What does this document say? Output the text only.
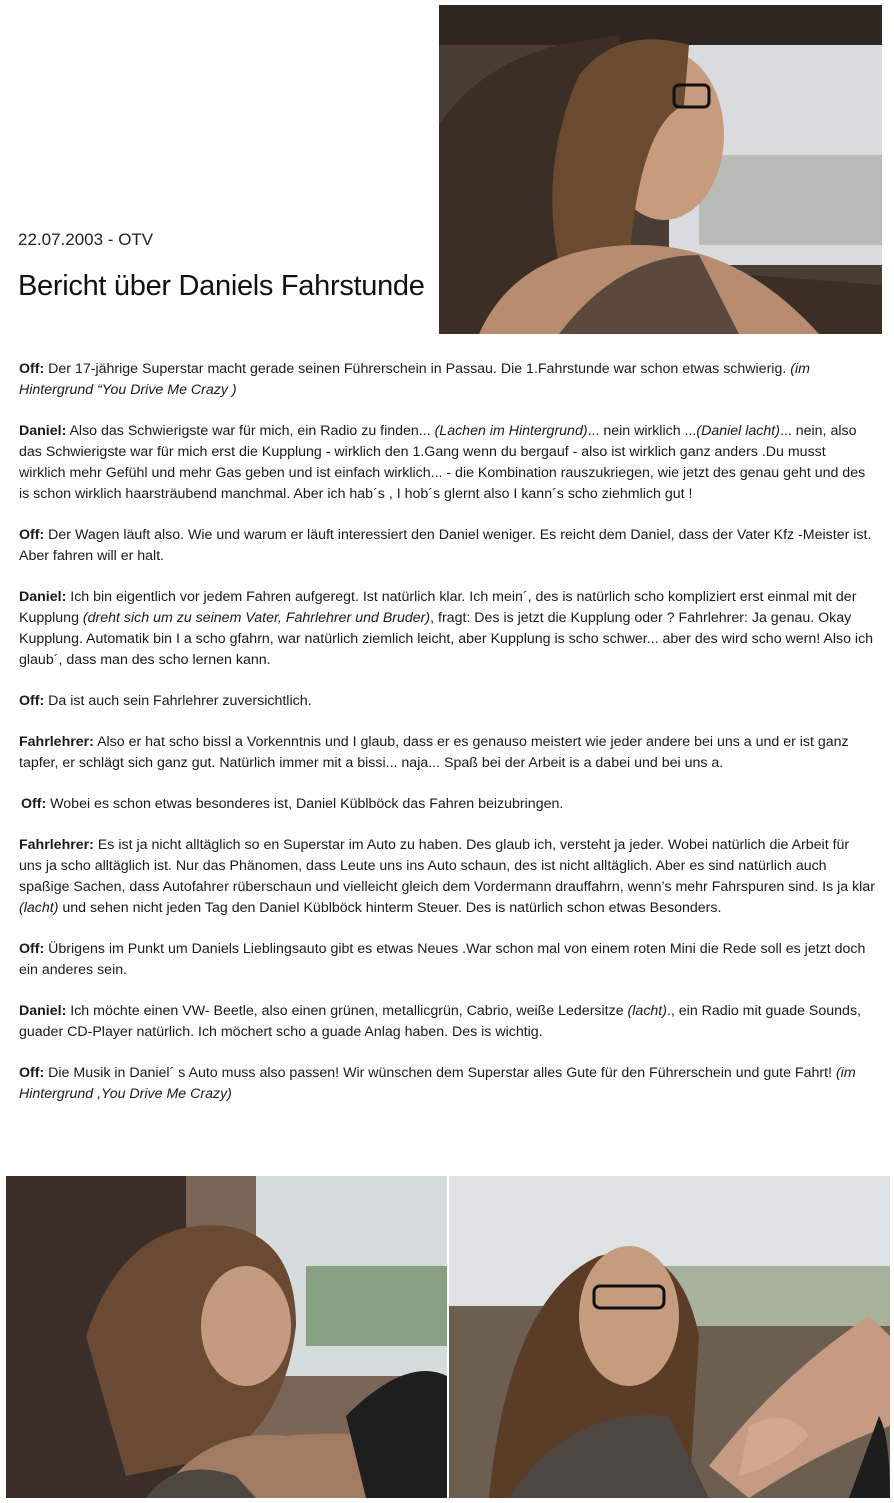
22.07.2003 - OTV
Bericht über Daniels Fahrstunde

Off: Der 17-jährige Superstar macht gerade seinen Führerschein in Passau. Die 1.Fahrstunde war schon etwas schwierig. (im Hintergrund “You Drive Me Crazy )

Daniel: Also das Schwierigste war für mich, ein Radio zu finden... (Lachen im Hintergrund)... nein wirklich ...(Daniel lacht)... nein, also das Schwierigste war für mich erst die Kupplung - wirklich den 1.Gang wenn du bergauf - also ist wirklich ganz anders .Du musst wirklich mehr Gefühl und mehr Gas geben und ist einfach wirklich... - die Kombination rauszukriegen, wie jetzt des genau geht und des is schon wirklich haarsträubend manchmal. Aber ich hab´s , I hob´s glernt also I kann´s scho ziehmlich gut !

Off: Der Wagen läuft also. Wie und warum er läuft interessiert den Daniel weniger. Es reicht dem Daniel, dass der Vater Kfz -Meister ist. Aber fahren will er halt.

Daniel: Ich bin eigentlich vor jedem Fahren aufgeregt. Ist natürlich klar. Ich mein´, des is natürlich scho kompliziert erst einmal mit der Kupplung (dreht sich um zu seinem Vater, Fahrlehrer und Bruder), fragt: Des is jetzt die Kupplung oder ? Fahrlehrer: Ja genau. Okay Kupplung. Automatik bin I a scho gfahrn, war natürlich ziemlich leicht, aber Kupplung is scho schwer... aber des wird scho wern! Also ich glaub´, dass man des scho lernen kann.

Off: Da ist auch sein Fahrlehrer zuversichtlich.

Fahrlehrer: Also er hat scho bissl a Vorkenntnis und I glaub, dass er es genauso meistert wie jeder andere bei uns a und er ist ganz tapfer, er schlägt sich ganz gut. Natürlich immer mit a bissi... naja... Spaß bei der Arbeit is a dabei und bei uns a.

Off: Wobei es schon etwas besonderes ist, Daniel Küblböck das Fahren beizubringen.

Fahrlehrer: Es ist ja nicht alltäglich so en Superstar im Auto zu haben. Des glaub ich, versteht ja jeder. Wobei natürlich die Arbeit für uns ja scho alltäglich ist. Nur das Phänomen, dass Leute uns ins Auto schaun, des ist nicht alltäglich. Aber es sind natürlich auch spaßige Sachen, dass Autofahrer rüberschaun und vielleicht gleich dem Vordermann drauffahrn, wenn’s mehr Fahrspuren sind. Is ja klar (lacht) und sehen nicht jeden Tag den Daniel Küblböck hinterm Steuer. Des is natürlich schon etwas Besonders.

Off: Übrigens im Punkt um Daniels Lieblingsauto gibt es etwas Neues .War schon mal von einem roten Mini die Rede soll es jetzt doch ein anderes sein.

Daniel: Ich möchte einen VW- Beetle, also einen grünen, metallicgrün, Cabrio, weiße Ledersitze (lacht)., ein Radio mit guade Sounds, guader CD-Player natürlich. Ich möchert scho a guade Anlag haben. Des is wichtig.

Off: Die Musik in Daniel´ s Auto muss also passen! Wir wünschen dem Superstar alles Gute für den Führerschein und gute Fahrt! (im Hintergrund ,You Drive Me Crazy)
